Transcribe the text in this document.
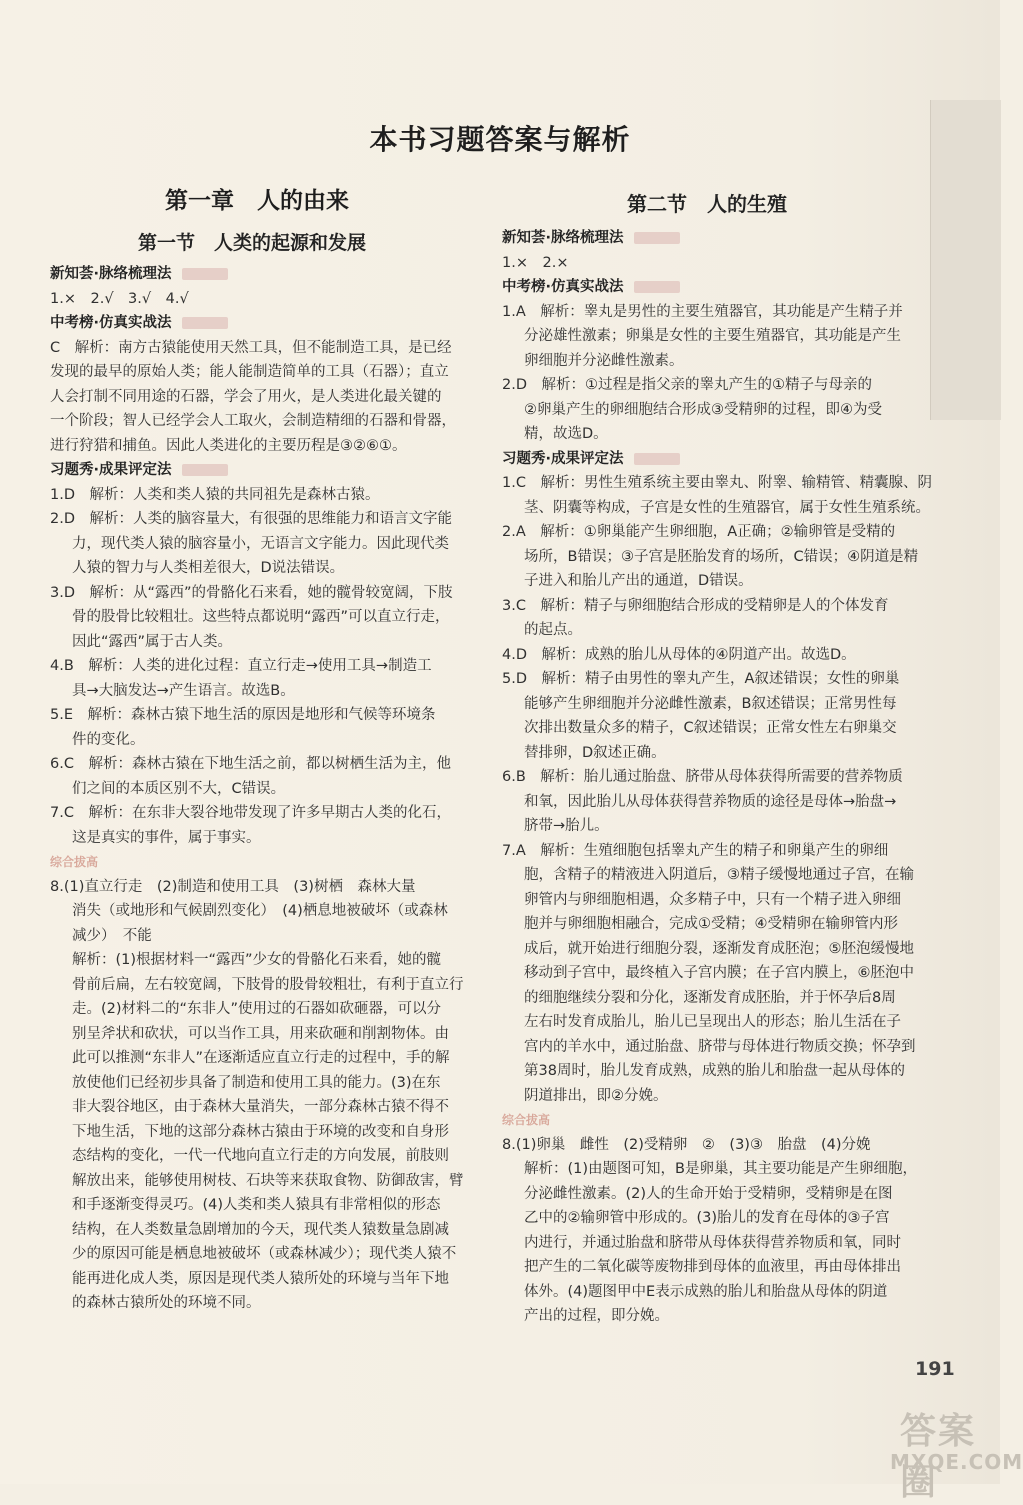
本书习题答案与解析
第一章　人的由来
第一节　人类的起源和发展
第二节　人的生殖

新知荟·脉络梳理法

1.×　2.√　3.√　4.√

中考榜·仿真实战法

C　解析：南方古猿能使用天然工具，但不能制造工具，是已经

发现的最早的原始人类；能人能制造简单的工具（石器）；直立

人会打制不同用途的石器，学会了用火，是人类进化最关键的

一个阶段；智人已经学会人工取火，会制造精细的石器和骨器，

进行狩猎和捕鱼。因此人类进化的主要历程是③②⑥①。

习题秀·成果评定法

1.D　解析：人类和类人猿的共同祖先是森林古猿。

2.D　解析：人类的脑容量大，有很强的思维能力和语言文字能

力，现代类人猿的脑容量小，无语言文字能力。因此现代类

人猿的智力与人类相差很大，D说法错误。

3.D　解析：从“露西”的骨骼化石来看，她的髋骨较宽阔，下肢

骨的股骨比较粗壮。这些特点都说明“露西”可以直立行走，

因此“露西”属于古人类。

4.B　解析：人类的进化过程：直立行走→使用工具→制造工

具→大脑发达→产生语言。故选B。

5.E　解析：森林古猿下地生活的原因是地形和气候等环境条

件的变化。

6.C　解析：森林古猿在下地生活之前，都以树栖生活为主，他

们之间的本质区别不大，C错误。

7.C　解析：在东非大裂谷地带发现了许多早期古人类的化石，

这是真实的事件，属于事实。

综合拔高

8.(1)直立行走　(2)制造和使用工具　(3)树栖　森林大量

消失（或地形和气候剧烈变化）　(4)栖息地被破坏（或森林

减少）　不能

解析：(1)根据材料一“露西”少女的骨骼化石来看，她的髋

骨前后扁，左右较宽阔，下肢骨的股骨较粗壮，有利于直立行

走。(2)材料二的“东非人”使用过的石器如砍砸器，可以分

别呈斧状和砍状，可以当作工具，用来砍砸和削割物体。由

此可以推测“东非人”在逐渐适应直立行走的过程中，手的解

放使他们已经初步具备了制造和使用工具的能力。(3)在东

非大裂谷地区，由于森林大量消失，一部分森林古猿不得不

下地生活，下地的这部分森林古猿由于环境的改变和自身形

态结构的变化，一代一代地向直立行走的方向发展，前肢则

解放出来，能够使用树枝、石块等来获取食物、防御敌害，臂

和手逐渐变得灵巧。(4)人类和类人猿具有非常相似的形态

结构，在人类数量急剧增加的今天，现代类人猿数量急剧减

少的原因可能是栖息地被破坏（或森林减少）；现代类人猿不

能再进化成人类，原因是现代类人猿所处的环境与当年下地

的森林古猿所处的环境不同。

新知荟·脉络梳理法

1.×　2.×

中考榜·仿真实战法

1.A　解析：睾丸是男性的主要生殖器官，其功能是产生精子并

分泌雄性激素；卵巢是女性的主要生殖器官，其功能是产生

卵细胞并分泌雌性激素。

2.D　解析：①过程是指父亲的睾丸产生的①精子与母亲的

②卵巢产生的卵细胞结合形成③受精卵的过程，即④为受

精，故选D。

习题秀·成果评定法

1.C　解析：男性生殖系统主要由睾丸、附睾、输精管、精囊腺、阴

茎、阴囊等构成，子宫是女性的生殖器官，属于女性生殖系统。

2.A　解析：①卵巢能产生卵细胞，A正确；②输卵管是受精的

场所，B错误；③子宫是胚胎发育的场所，C错误；④阴道是精

子进入和胎儿产出的通道，D错误。

3.C　解析：精子与卵细胞结合形成的受精卵是人的个体发育

的起点。

4.D　解析：成熟的胎儿从母体的④阴道产出。故选D。

5.D　解析：精子由男性的睾丸产生，A叙述错误；女性的卵巢

能够产生卵细胞并分泌雌性激素，B叙述错误；正常男性每

次排出数量众多的精子，C叙述错误；正常女性左右卵巢交

替排卵，D叙述正确。

6.B　解析：胎儿通过胎盘、脐带从母体获得所需要的营养物质

和氧，因此胎儿从母体获得营养物质的途径是母体→胎盘→

脐带→胎儿。

7.A　解析：生殖细胞包括睾丸产生的精子和卵巢产生的卵细

胞，含精子的精液进入阴道后，③精子缓慢地通过子宫，在输

卵管内与卵细胞相遇，众多精子中，只有一个精子进入卵细

胞并与卵细胞相融合，完成①受精；④受精卵在输卵管内形

成后，就开始进行细胞分裂，逐渐发育成胚泡；⑤胚泡缓慢地

移动到子宫中，最终植入子宫内膜；在子宫内膜上，⑥胚泡中

的细胞继续分裂和分化，逐渐发育成胚胎，并于怀孕后8周

左右时发育成胎儿，胎儿已呈现出人的形态；胎儿生活在子

宫内的羊水中，通过胎盘、脐带与母体进行物质交换；怀孕到

第38周时，胎儿发育成熟，成熟的胎儿和胎盘一起从母体的

阴道排出，即②分娩。

综合拔高

8.(1)卵巢　雌性　(2)受精卵　②　(3)③　胎盘　(4)分娩

解析：(1)由题图可知，B是卵巢，其主要功能是产生卵细胞，

分泌雌性激素。(2)人的生命开始于受精卵，受精卵是在图

乙中的②输卵管中形成的。(3)胎儿的发育在母体的③子宫

内进行，并通过胎盘和脐带从母体获得营养物质和氧，同时

把产生的二氧化碳等废物排到母体的血液里，再由母体排出

体外。(4)题图甲中E表示成熟的胎儿和胎盘从母体的阴道

产出的过程，即分娩。

191
答案圈
MXQE.COM
